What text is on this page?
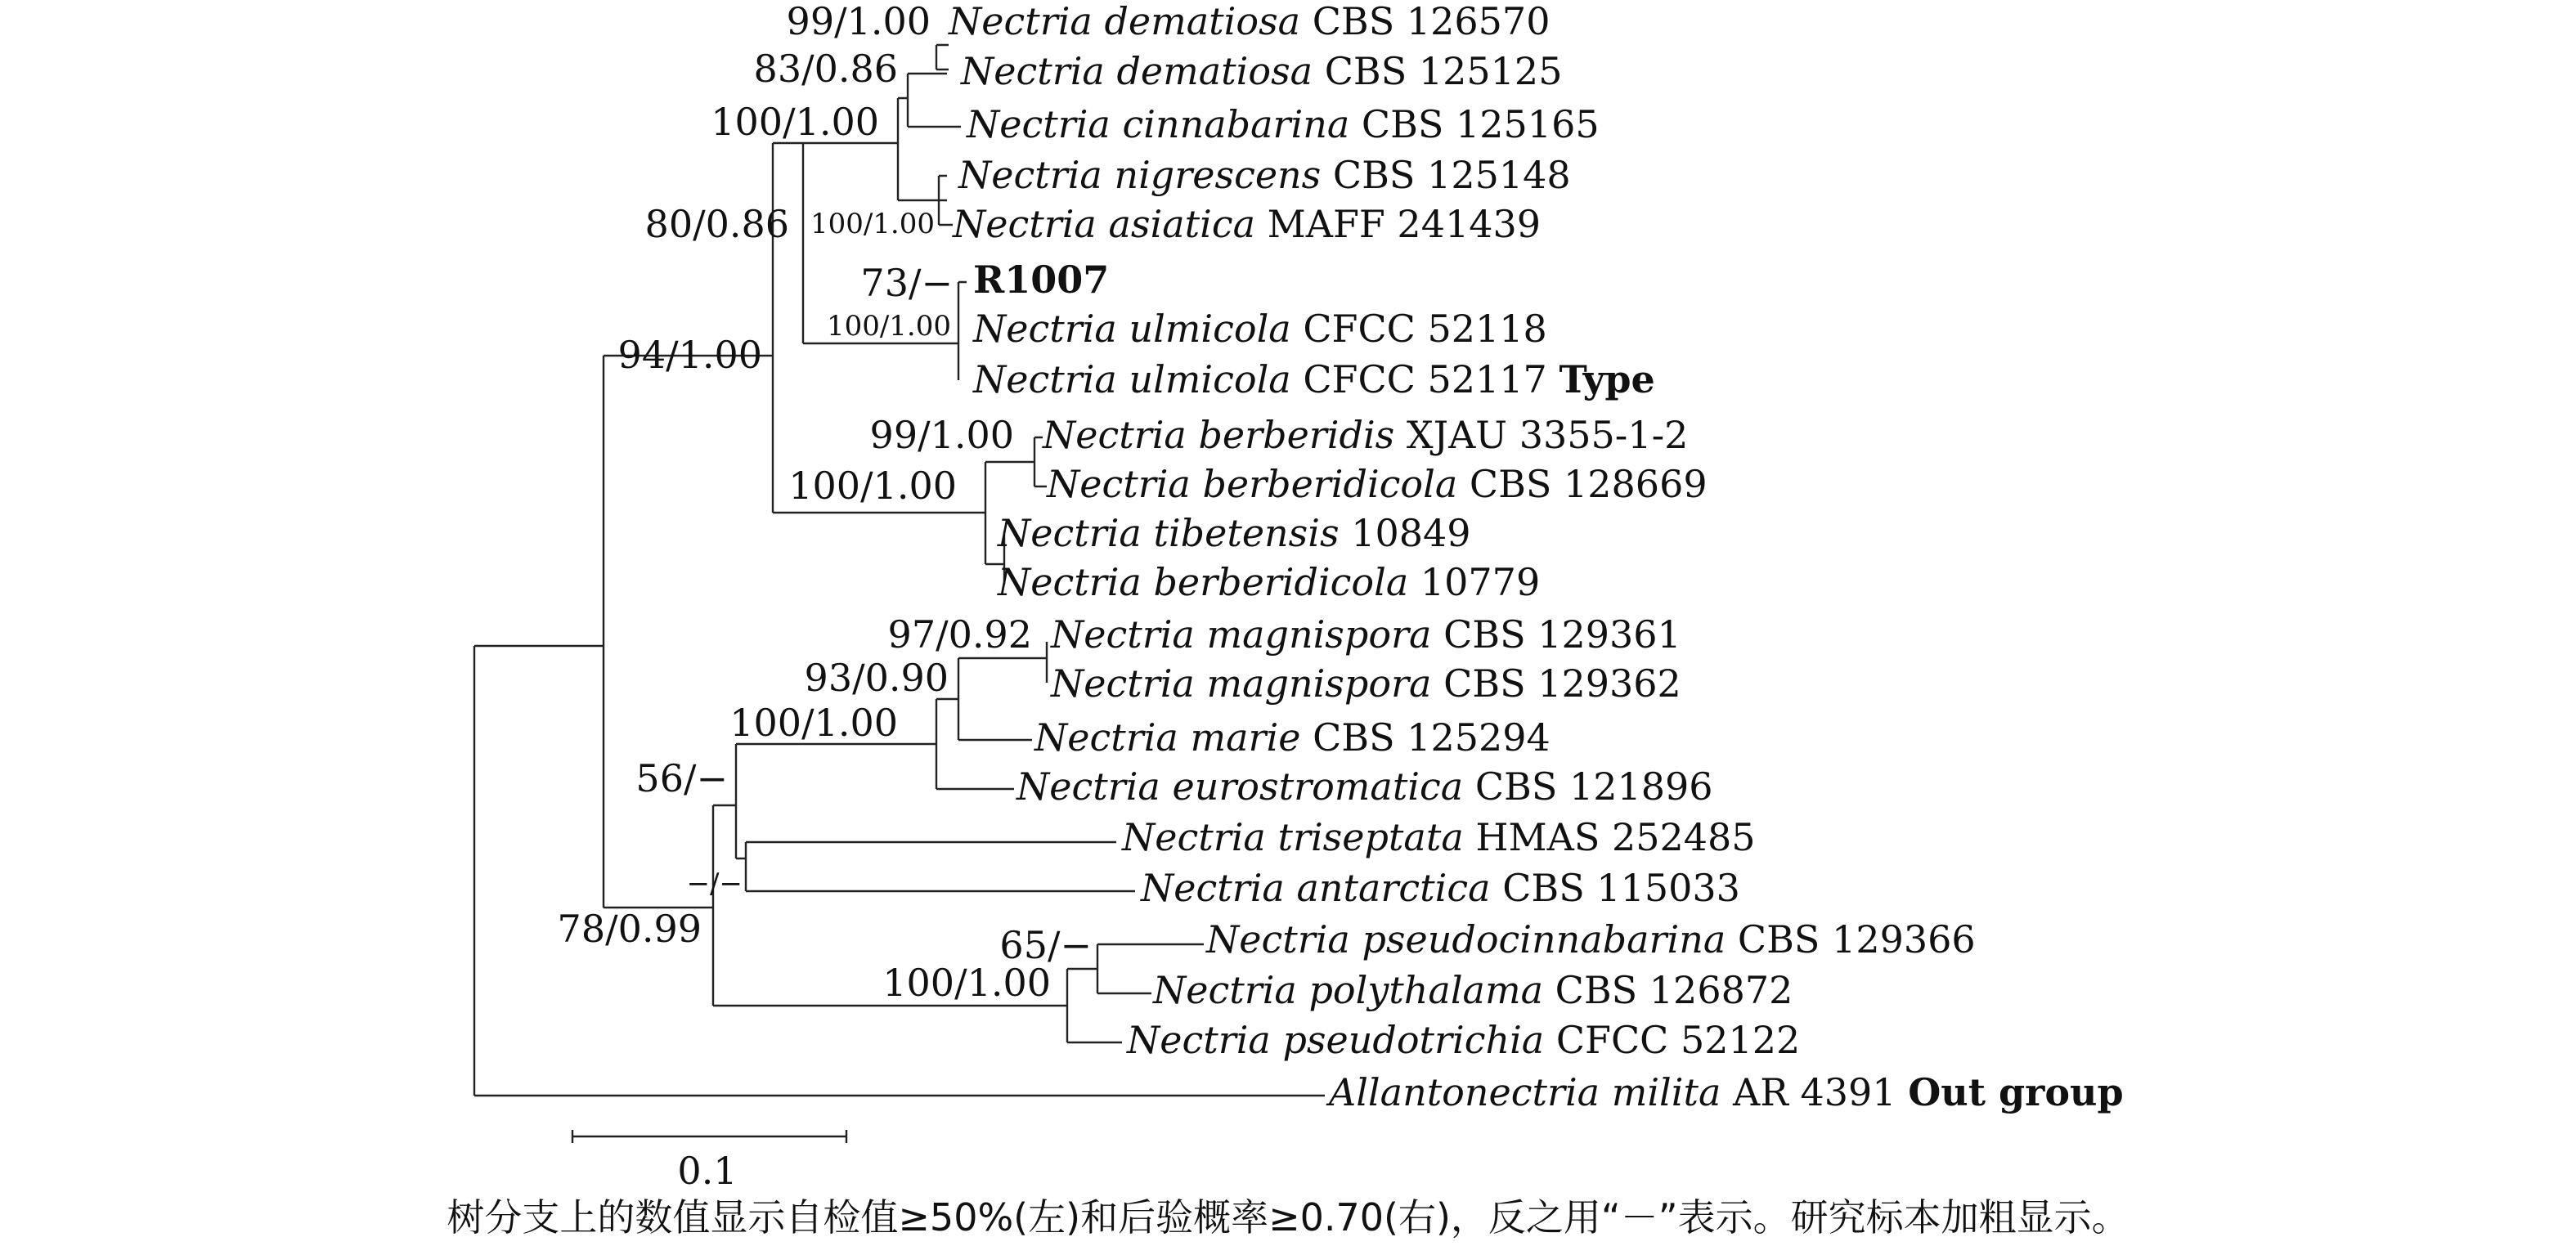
Nectria dematiosa CBS 126570
Nectria dematiosa CBS 125125
Nectria cinnabarina CBS 125165
Nectria nigrescens CBS 125148
Nectria asiatica MAFF 241439
R1007
Nectria ulmicola CFCC 52118
Nectria ulmicola CFCC 52117 Type
Nectria berberidis XJAU 3355-1-2
Nectria berberidicola CBS 128669
Nectria tibetensis 10849
Nectria berberidicola 10779
Nectria magnispora CBS 129361
Nectria magnispora CBS 129362
Nectria marie CBS 125294
Nectria eurostromatica CBS 121896
Nectria triseptata HMAS 252485
Nectria antarctica CBS 115033
Nectria pseudocinnabarina CBS 129366
Nectria polythalama CBS 126872
Nectria pseudotrichia CFCC 52122
Allantonectria milita AR 4391 Out group
99/1.00
83/0.86
100/1.00
100/1.00
80/0.86
73/−
100/1.00
94/1.00
99/1.00
100/1.00
97/0.92
93/0.90
100/1.00
56/−
−/−
78/0.99	65/−
100/1.00
0.1
树分支上的数值显示自检值≥50%(左)和后验概率≥0.70(右)，反之用“－”表示。研究标本加粗显示。
